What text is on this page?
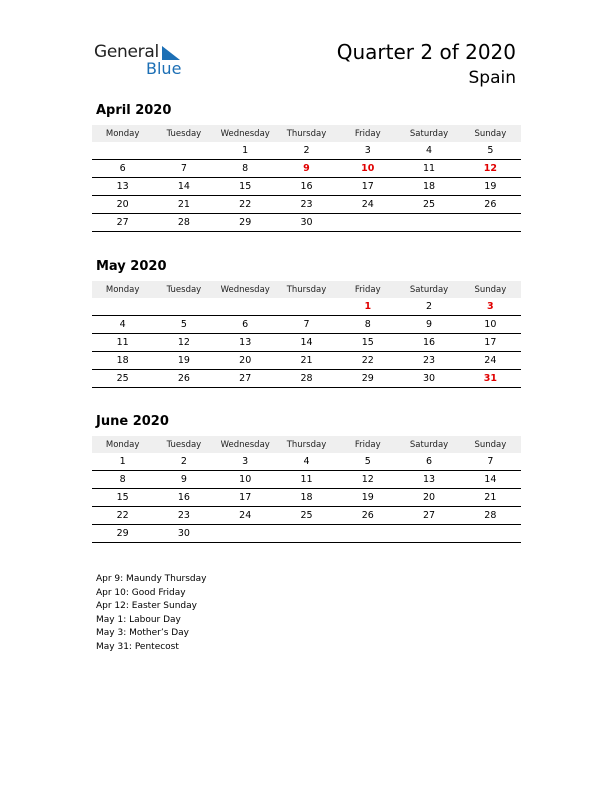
General
Blue
Quarter 2 of 2020
Spain
April 2020
Monday	Tuesday	Wednesday	Thursday	Friday	Saturday	Sunday
		1	2	3	4	5
6	7	8	9	10	11	12
13	14	15	16	17	18	19
20	21	22	23	24	25	26
27	28	29	30			
May 2020
Monday	Tuesday	Wednesday	Thursday	Friday	Saturday	Sunday
				1	2	3
4	5	6	7	8	9	10
11	12	13	14	15	16	17
18	19	20	21	22	23	24
25	26	27	28	29	30	31
June 2020
Monday	Tuesday	Wednesday	Thursday	Friday	Saturday	Sunday
1	2	3	4	5	6	7
8	9	10	11	12	13	14
15	16	17	18	19	20	21
22	23	24	25	26	27	28
29	30					
Apr 9: Maundy Thursday
Apr 10: Good Friday
Apr 12: Easter Sunday
May 1: Labour Day
May 3: Mother’s Day
May 31: Pentecost
